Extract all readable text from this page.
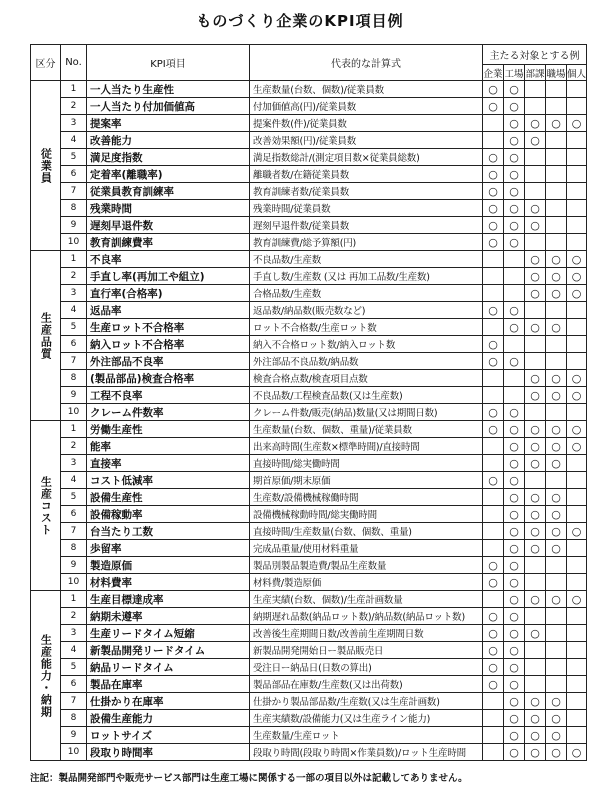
ものづくり企業のKPI項目例
区分	No.	KPI項目	代表的な計算式	主たる対象とする例				
				企業	工場	部課	職場	個人

従業員	1	一人当たり生産性	生産数量(台数、個数)/従業員数	○	○			
	2	一人当たり付加価値高	付加価値高(円)/従業員数	○	○			
	3	提案率	提案件数(件)/従業員数		○	○	○	○
	4	改善能力	改善効果額(円)/従業員数		○	○		
	5	満足度指数	満足指数総計/(測定項目数×従業員総数)	○	○			
	6	定着率(離職率)	離職者数/在籍従業員数	○	○			
	7	従業員教育訓練率	教育訓練者数/従業員数	○	○			
	8	残業時間	残業時間/従業員数	○	○	○		
	9	遅刻早退件数	遅刻早退件数/従業員数	○	○	○		
	10	教育訓練費率	教育訓練費/総予算額(円)	○	○			

生産品質	1	不良率	不良品数/生産数			○	○	○
	2	手直し率(再加工や組立)	手直し数/生産数 (又は 再加工品数/生産数)			○	○	○
	3	直行率(合格率)	合格品数/生産数			○	○	○
	4	返品率	返品数/納品数(販売数など)	○	○			
	5	生産ロット不合格率	ロット不合格数/生産ロット数		○	○	○	
	6	納入ロット不合格率	納入不合格ロット数/納入ロット数	○				
	7	外注部品不良率	外注部品不良品数/納品数	○	○			
	8	(製品部品)検査合格率	検査合格点数/検査項目点数			○	○	○
	9	工程不良率	不良品数/工程検査品数(又は生産数)			○	○	○
	10	クレーム件数率	クレーム件数/販売(納品)数量(又は期間日数)	○	○			

生産コスト	1	労働生産性	生産数量(台数、個数、重量)/従業員数	○	○	○	○	○
	2	能率	出来高時間(生産数×標準時間)/直接時間		○	○	○	○
	3	直接率	直接時間/総実働時間		○	○	○	
	4	コスト低減率	期首原価/期末原価	○	○			
	5	設備生産性	生産数/設備機械稼働時間		○	○	○	
	6	設備稼動率	設備機械稼動時間/総実働時間		○	○	○	
	7	台当たり工数	直接時間/生産数量(台数、個数、重量)		○	○	○	○
	8	歩留率	完成品重量/使用材料重量		○	○	○	
	9	製造原価	製品別製品製造費/製品生産数量	○	○			
	10	材料費率	材料費/製造原価	○	○			

生産能力・納期	1	生産目標達成率	生産実績(台数、個数)/生産計画数量		○	○	○	○
	2	納期未遵率	納期遅れ品数(納品ロット数)/納品数(納品ロット数)	○	○			
	3	生産リードタイム短縮	改善後生産期間日数/改善前生産期間日数	○	○	○		
	4	新製品開発リードタイム	新製品開発開始日ー製品販売日	○	○			
	5	納品リードタイム	受注日ー納品日(日数の算出)	○	○			
	6	製品在庫率	製品部品在庫数/生産数(又は出荷数)	○	○			
	7	仕掛かり在庫率	仕掛かり製品部品数/生産数(又は生産計画数)		○	○	○	
	8	設備生産能力	生産実績数/設備能力(又は生産ライン能力)		○	○	○	
	9	ロットサイズ	生産数量/生産ロット		○	○	○	
	10	段取り時間率	段取り時間(段取り時間×作業員数)/ロット生産時間		○	○	○	○
注記：製品開発部門や販売サービス部門は生産工場に関係する一部の項目以外は記載してありません。
